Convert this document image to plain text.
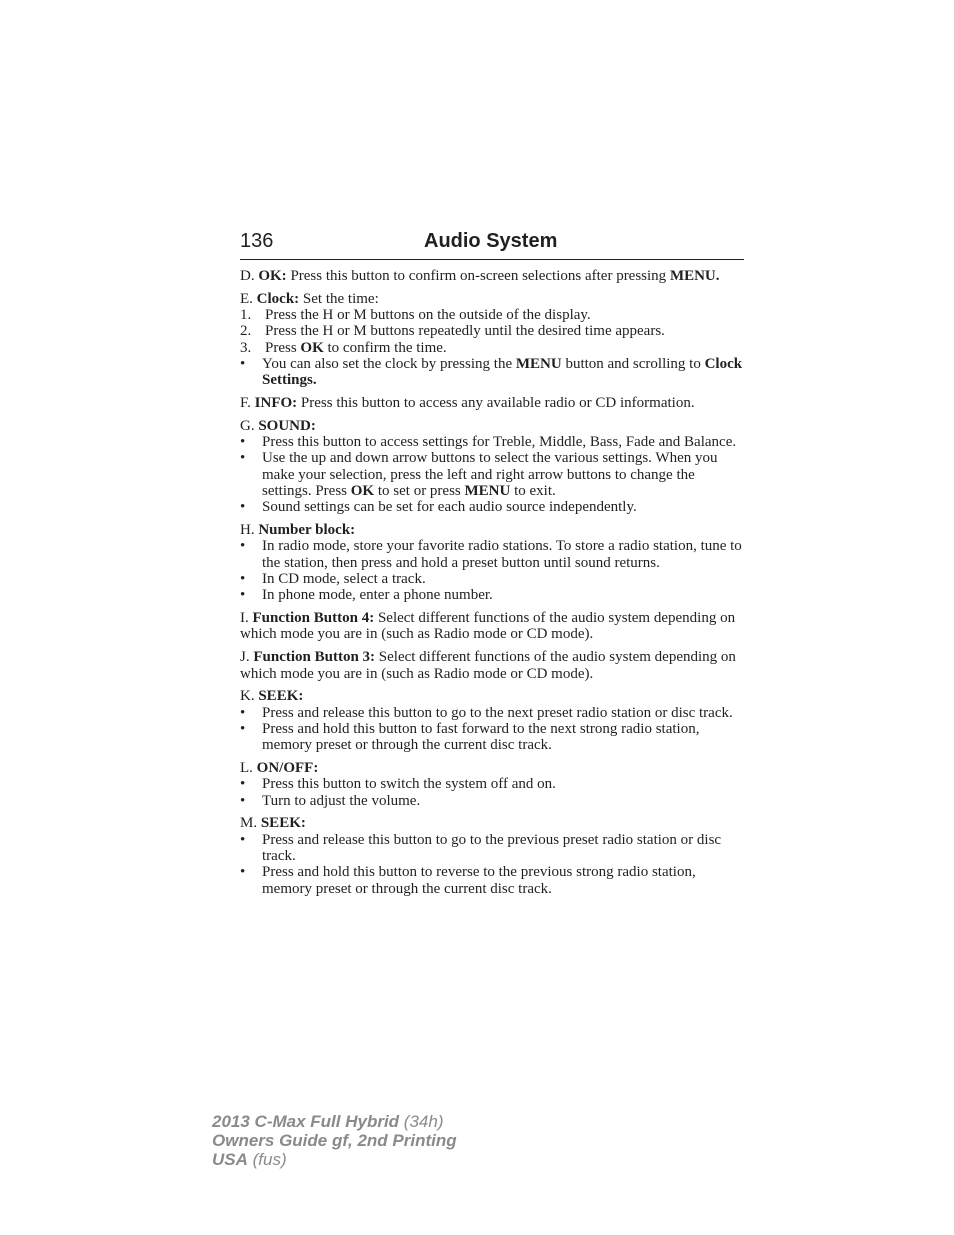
136	Audio System

D. OK: Press this button to confirm on-screen selections after pressing MENU.

E. Clock: Set the time:

1. Press the H or M buttons on the outside of the display.
2. Press the H or M buttons repeatedly until the desired time appears.
3. Press OK to confirm the time.
•	You can also set the clock by pressing the MENU button and scrolling to Clock Settings.

F. INFO: Press this button to access any available radio or CD information.

G. SOUND:

•	Press this button to access settings for Treble, Middle, Bass, Fade and Balance.
•	Use the up and down arrow buttons to select the various settings. When you make your selection, press the left and right arrow buttons to change the settings. Press OK to set or press MENU to exit.
•	Sound settings can be set for each audio source independently.

H. Number block:

•	In radio mode, store your favorite radio stations. To store a radio station, tune to the station, then press and hold a preset button until sound returns.
•	In CD mode, select a track.
•	In phone mode, enter a phone number.

I. Function Button 4: Select different functions of the audio system depending on which mode you are in (such as Radio mode or CD mode).

J. Function Button 3: Select different functions of the audio system depending on which mode you are in (such as Radio mode or CD mode).

K. SEEK:

•	Press and release this button to go to the next preset radio station or disc track.
•	Press and hold this button to fast forward to the next strong radio station, memory preset or through the current disc track.

L. ON/OFF:

•	Press this button to switch the system off and on.
•	Turn to adjust the volume.

M. SEEK:

•	Press and release this button to go to the previous preset radio station or disc track.
•	Press and hold this button to reverse to the previous strong radio station, memory preset or through the current disc track.
2013 C-Max Full Hybrid (34h)
Owners Guide gf, 2nd Printing
USA (fus)
